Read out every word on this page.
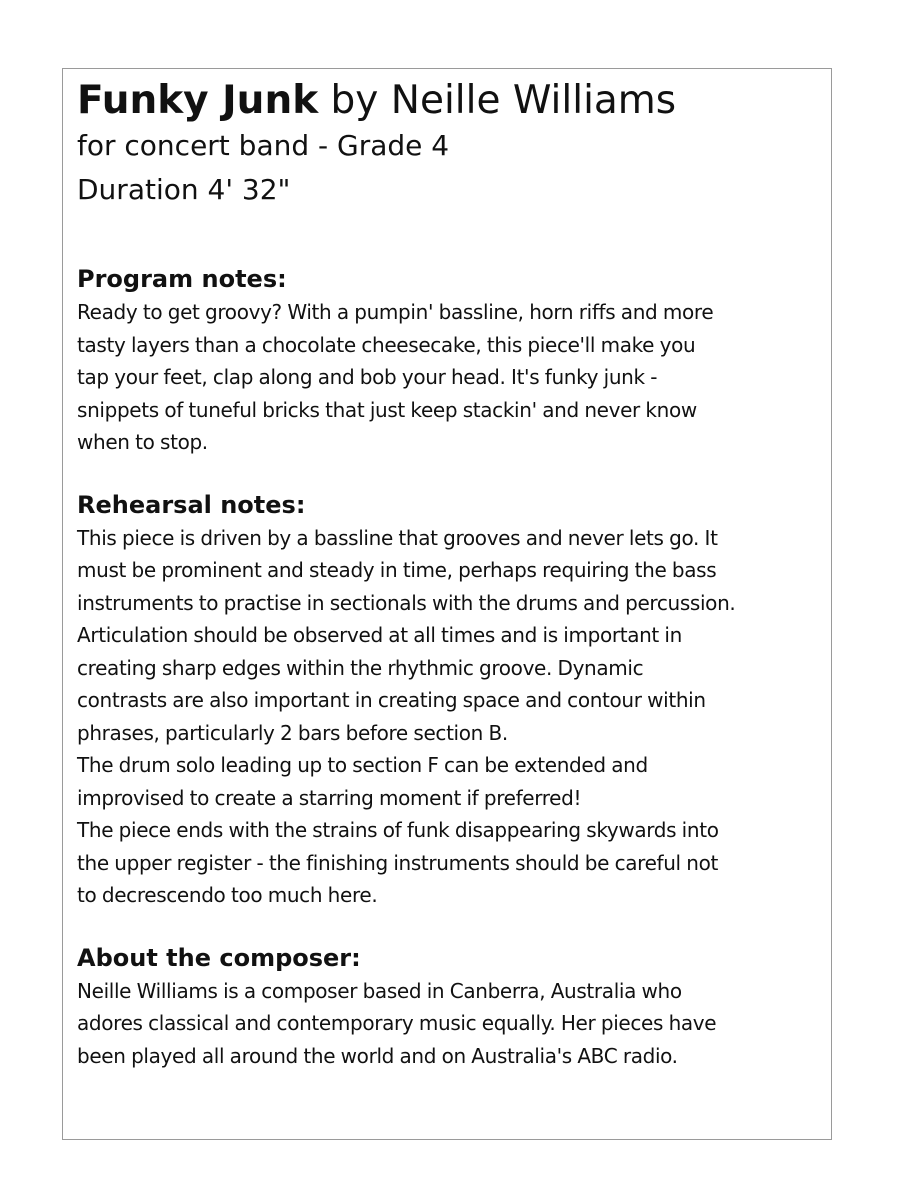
Funky Junk by Neille Williams
for concert band - Grade 4
Duration 4' 32"
Program notes:

Ready to get groovy? With a pumpin' bassline, horn riffs and more

tasty layers than a chocolate cheesecake, this piece'll make you

tap your feet, clap along and bob your head. It's funky junk -

snippets of tuneful bricks that just keep stackin' and never know

when to stop.

Rehearsal notes:

This piece is driven by a bassline that grooves and never lets go. It

must be prominent and steady in time, perhaps requiring the bass

instruments to practise in sectionals with the drums and percussion.

Articulation should be observed at all times and is important in

creating sharp edges within the rhythmic groove. Dynamic

contrasts are also important in creating space and contour within

phrases, particularly 2 bars before section B.

The drum solo leading up to section F can be extended and

improvised to create a starring moment if preferred!

The piece ends with the strains of funk disappearing skywards into

the upper register - the finishing instruments should be careful not

to decrescendo too much here.

About the composer:

Neille Williams is a composer based in Canberra, Australia who

adores classical and contemporary music equally. Her pieces have

been played all around the world and on Australia's ABC radio.
